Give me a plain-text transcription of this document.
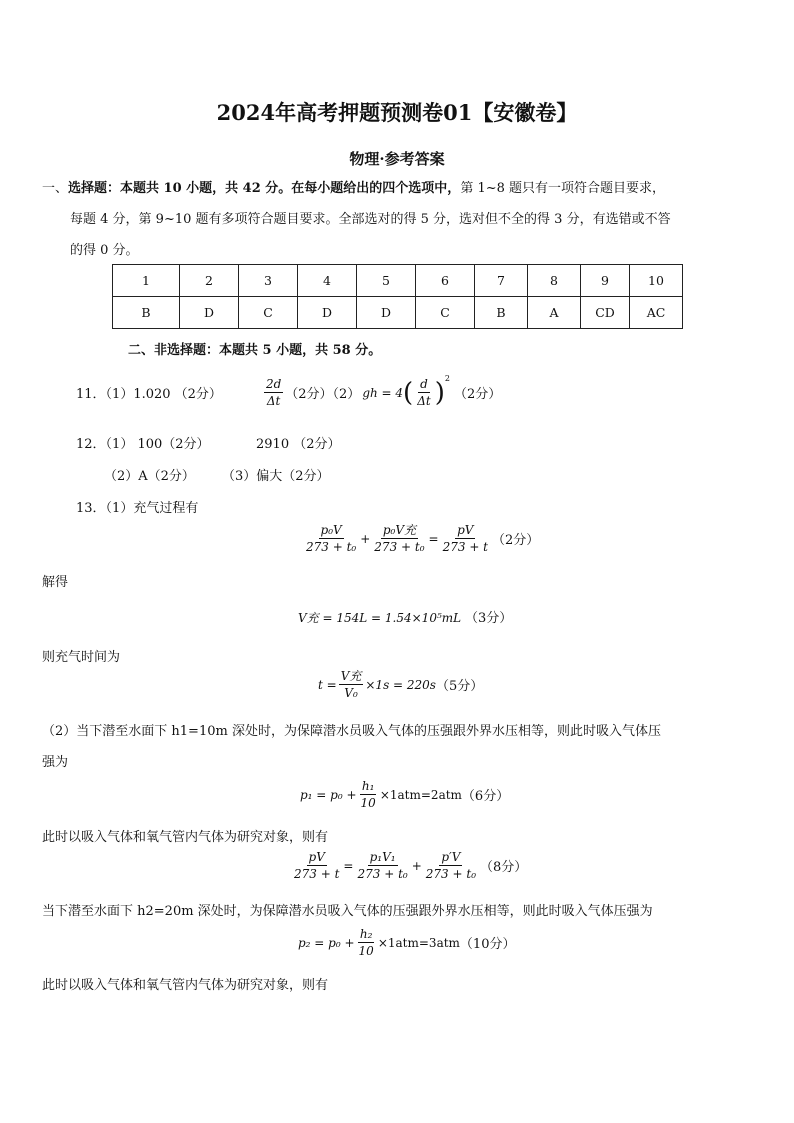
2024年高考押题预测卷01【安徽卷】
物理·参考答案
一、选择题：本题共 10 小题，共 42 分。在每小题给出的四个选项中，第 1~8 题只有一项符合题目要求，
每题 4 分，第 9~10 题有多项符合题目要求。全部选对的得 5 分，选对但不全的得 3 分，有选错或不答
的得 0 分。
1	2	3	4	5	6	7	8	9	10
B	D	C	D	D	C	B	A	CD	AC
二、非选择题：本题共 5 小题，共 58 分。
11．（1）1.020 （2分）	$\frac{2d}{\Delta t} (2$分）（2） gh = 4 ( $\frac{d}{\Delta t} )^2$
（2分）
12．（1） 100（2分）	2910 （2分）
（2）A（2分） （3）偏大（2分）
13．（1）充气过程有
$\frac{\text{p₀V}}{\text{273 + t₀}} + \frac{\text{p₀V充}}{\text{273 + t₀}} = \frac{pV}{273 + t} (2$分）
解得
V充 = 154L = 1.54×10⁵mL （3分）
则充气时间为
$t = \frac{\text{V充}}{\text{V₀}} \times 1s = 220s$ （5分）
（2）当下潜至水面下 h1=10m 深处时，为保障潜水员吸入气体的压强跟外界水压相等，则此时吸入气体压
强为
$p_1 = p_0 + \frac{\text{h₁}}{10} \times 1atm=2atm$ （6分）
此时以吸入气体和氧气管内气体为研究对象，则有
$\frac{pV}{273 + t} = \frac{\text{p₁V₁}}{\text{273 + t₀}} + \frac{p'V}{\text{273 + t₀}} (8$分）
当下潜至水面下 h2=20m 深处时，为保障潜水员吸入气体的压强跟外界水压相等，则此时吸入气体压强为
$p_2 = p_0 + \frac{\text{h₂}}{10} \times 1atm=3atm$ （10分）
此时以吸入气体和氧气管内气体为研究对象，则有
